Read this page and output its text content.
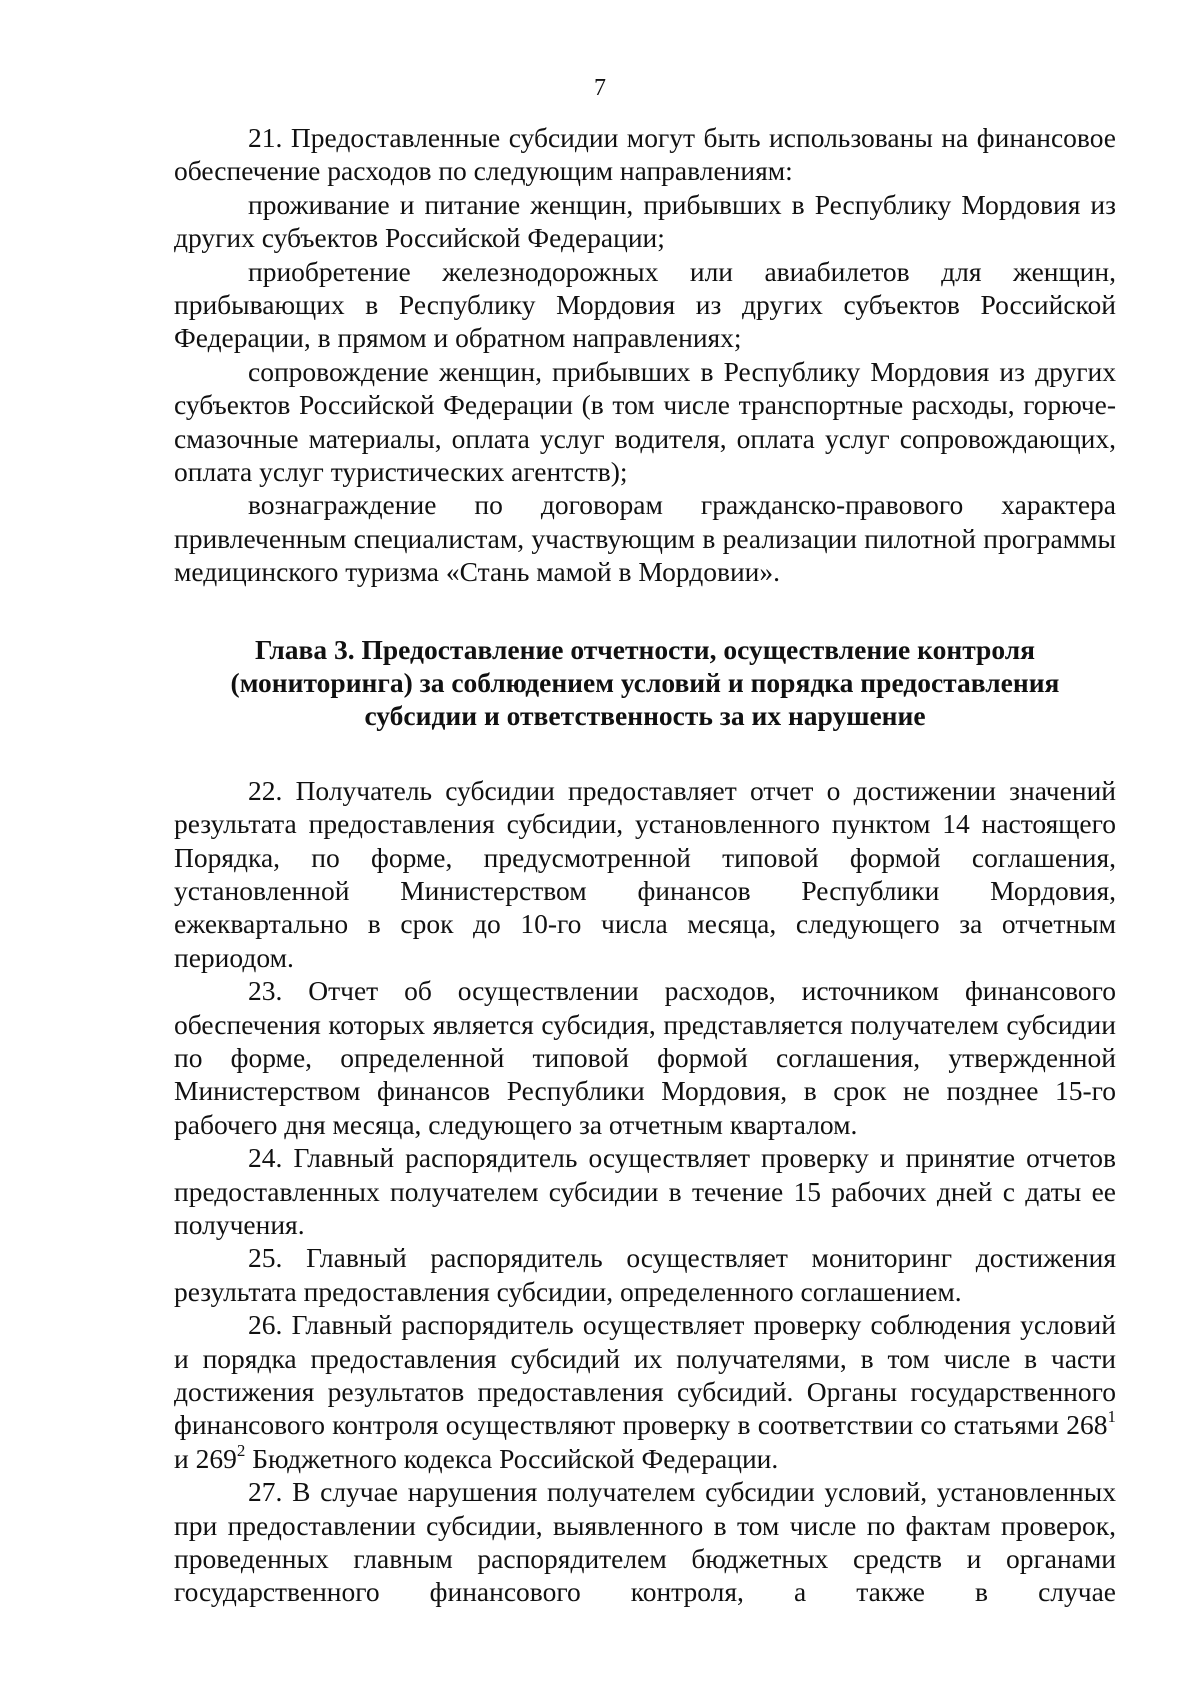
7

21. Предоставленные субсидии могут быть использованы на финансовое обеспечение расходов по следующим направлениям:

проживание и питание женщин, прибывших в Республику Мордовия из других субъектов Российской Федерации;

приобретение железнодорожных или авиабилетов для женщин, прибывающих в Республику Мордовия из других субъектов Российской Федерации, в прямом и обратном направлениях;

сопровождение женщин, прибывших в Республику Мордовия из других субъектов Российской Федерации (в том числе транспортные расходы, горюче-смазочные материалы, оплата услуг водителя, оплата услуг сопровождающих, оплата услуг туристических агентств);

вознаграждение по договорам гражданско-правового характера привлеченным специалистам, участвующим в реализации пилотной программы медицинского туризма «Стань мамой в Мордовии».

Глава 3. Предоставление отчетности, осуществление контроля
(мониторинга) за соблюдением условий и порядка предоставления
субсидии и ответственность за их нарушение

22. Получатель субсидии предоставляет отчет о достижении значений результата предоставления субсидии, установленного пунктом 14 настоящего Порядка, по форме, предусмотренной типовой формой соглашения, установленной Министерством финансов Республики Мордовия, ежеквартально в срок до 10-го числа месяца, следующего за отчетным периодом.

23. Отчет об осуществлении расходов, источником финансового обеспечения которых является субсидия, представляется получателем субсидии по форме, определенной типовой формой соглашения, утвержденной Министерством финансов Республики Мордовия, в срок не позднее 15-го рабочего дня месяца, следующего за отчетным кварталом.

24. Главный распорядитель осуществляет проверку и принятие отчетов предоставленных получателем субсидии в течение 15 рабочих дней с даты ее получения.

25. Главный распорядитель осуществляет мониторинг достижения результата предоставления субсидии, определенного соглашением.

26. Главный распорядитель осуществляет проверку соблюдения условий и порядка предоставления субсидий их получателями, в том числе в части достижения результатов предоставления субсидий. Органы государственного финансового контроля осуществляют проверку в соответствии со статьями $268^1$ и $269^2$ Бюджетного кодекса Российской Федерации.

27. В случае нарушения получателем субсидии условий, установленных при предоставлении субсидии, выявленного в том числе по фактам проверок, проведенных главным распорядителем бюджетных средств и органами государственного финансового контроля, а также в случае
